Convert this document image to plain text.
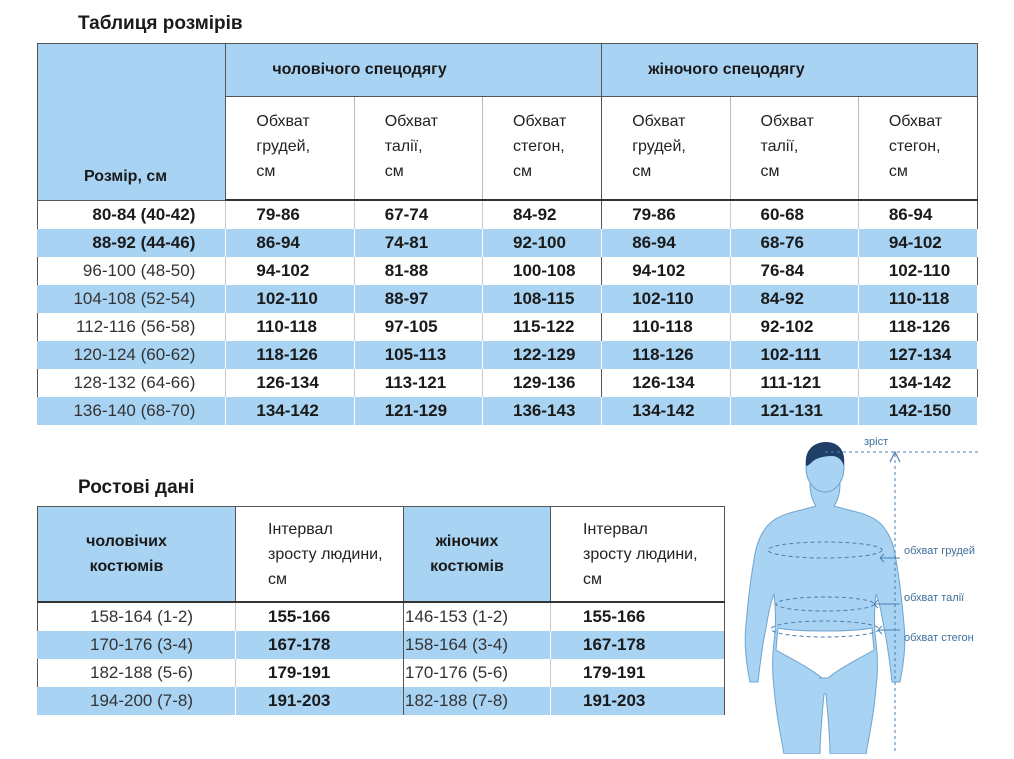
Таблиця розмірів
Розмір, см	чоловічого спецодягу			жіночого спецодягу		

	Обхват
грудей,
см	Обхват
талії,
см	Обхват
стегон,
см	Обхват
грудей,
см	Обхват
талії,
см	Обхват
стегон,
см

80-84 (40-42)	79-86	67-74	84-92	79-86	60-68	86-94
88-92 (44-46)	86-94	74-81	92-100	86-94	68-76	94-102
96-100 (48-50)	94-102	81-88	100-108	94-102	76-84	102-110
104-108 (52-54)	102-110	88-97	108-115	102-110	84-92	110-118
112-116 (56-58)	110-118	97-105	115-122	110-118	92-102	118-126
120-124 (60-62)	118-126	105-113	122-129	118-126	102-111	127-134
128-132 (64-66)	126-134	113-121	129-136	126-134	111-121	134-142
136-140 (68-70)	134-142	121-129	136-143	134-142	121-131	142-150
Ростові дані
чоловічих
костюмів	Інтервал
зросту людини,
см	жіночих
костюмів	Інтервал
зросту людини,
см

158-164 (1-2)	155-166	146-153 (1-2)	155-166
170-176 (3-4)	167-178	158-164 (3-4)	167-178
182-188 (5-6)	179-191	170-176 (5-6)	179-191
194-200 (7-8)	191-203	182-188 (7-8)	191-203
зріст
обхват грудей
обхват талії
обхват стегон
